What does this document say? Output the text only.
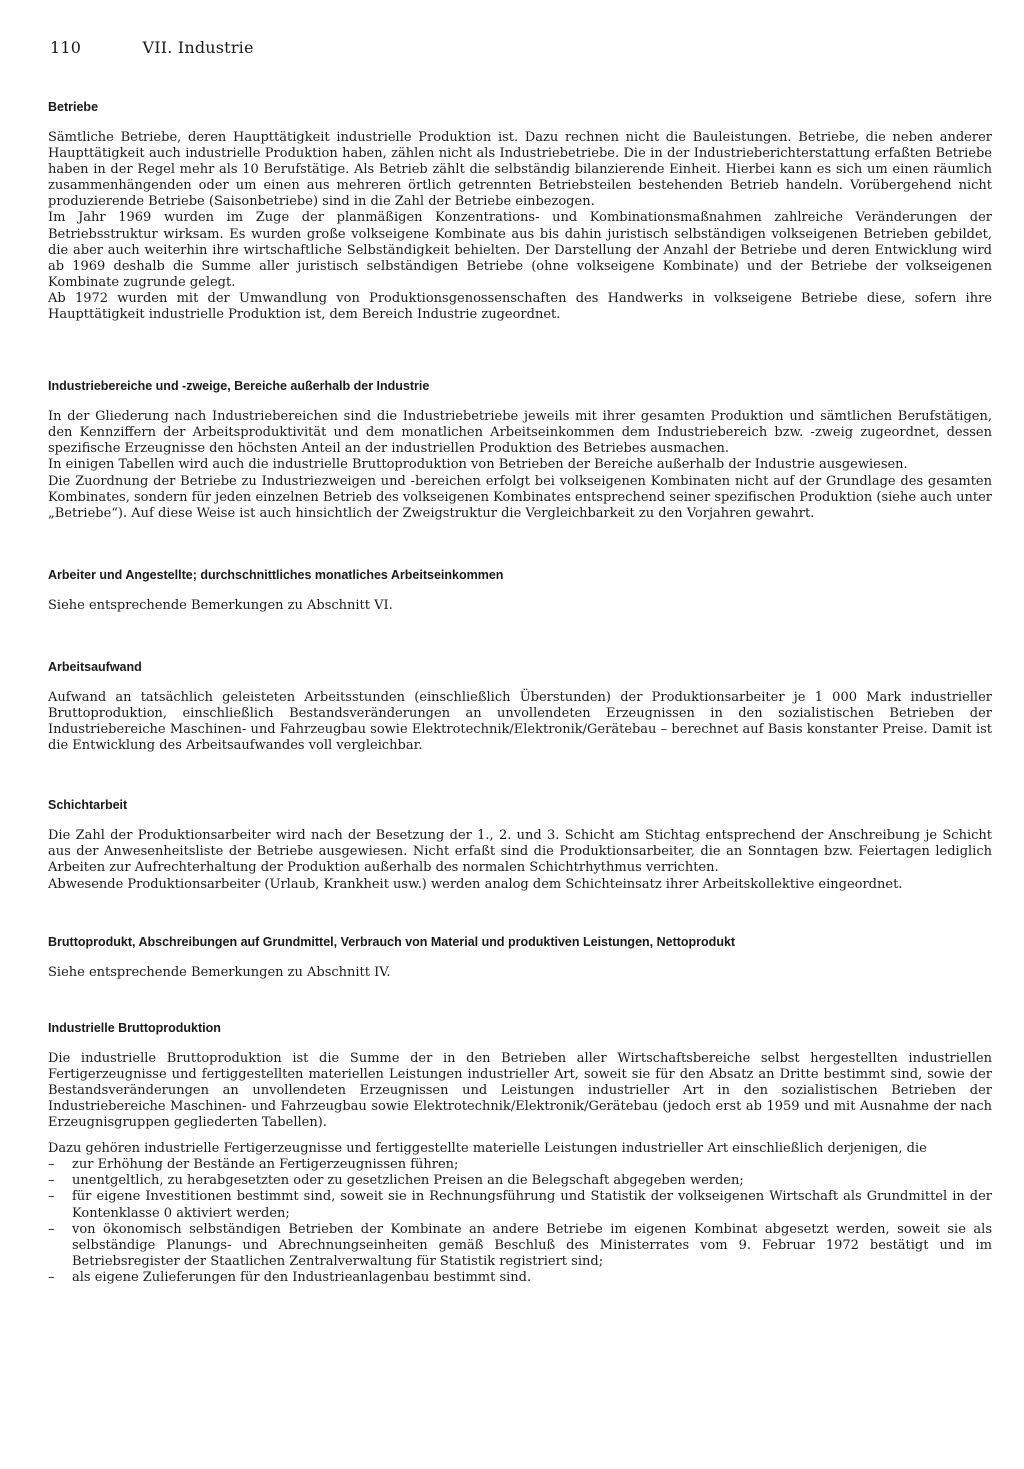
110	VII. Industrie
Betriebe

Sämtliche Betriebe, deren Haupttätigkeit industrielle Produktion ist. Dazu rechnen nicht die Bauleistungen. Betriebe, die neben anderer Haupttätigkeit auch industrielle Produktion haben, zählen nicht als Industriebetriebe. Die in der Industrieberichterstattung erfaßten Betriebe haben in der Regel mehr als 10 Berufstätige. Als Betrieb zählt die selbständig bilanzierende Einheit. Hierbei kann es sich um einen räumlich zusammenhängenden oder um einen aus mehreren örtlich getrennten Betriebsteilen bestehenden Betrieb handeln. Vorübergehend nicht produzierende Betriebe (Saisonbetriebe) sind in die Zahl der Betriebe einbezogen.

Im Jahr 1969 wurden im Zuge der planmäßigen Konzentrations- und Kombinationsmaßnahmen zahlreiche Veränderungen der Betriebsstruktur wirksam. Es wurden große volkseigene Kombinate aus bis dahin juristisch selbständigen volkseigenen Betrieben gebildet, die aber auch weiterhin ihre wirtschaftliche Selbständigkeit behielten. Der Darstellung der Anzahl der Betriebe und deren Entwicklung wird ab 1969 deshalb die Summe aller juristisch selbständigen Betriebe (ohne volkseigene Kombinate) und der Betriebe der volkseigenen Kombinate zugrunde gelegt.

Ab 1972 wurden mit der Umwandlung von Produktionsgenossenschaften des Handwerks in volkseigene Betriebe diese, sofern ihre Haupttätigkeit industrielle Produktion ist, dem Bereich Industrie zugeordnet.

Industriebereiche und -zweige, Bereiche außerhalb der Industrie

In der Gliederung nach Industriebereichen sind die Industriebetriebe jeweils mit ihrer gesamten Produktion und sämtlichen Berufstätigen, den Kennziffern der Arbeitsproduktivität und dem monatlichen Arbeitseinkommen dem Industriebereich bzw. -zweig zugeordnet, dessen spezifische Erzeugnisse den höchsten Anteil an der industriellen Produktion des Betriebes ausmachen.

In einigen Tabellen wird auch die industrielle Bruttoproduktion von Betrieben der Bereiche außerhalb der Industrie ausgewiesen.

Die Zuordnung der Betriebe zu Industriezweigen und -bereichen erfolgt bei volkseigenen Kombinaten nicht auf der Grundlage des gesamten Kombinates, sondern für jeden einzelnen Betrieb des volkseigenen Kombinates entsprechend seiner spezifischen Produktion (siehe auch unter „Betriebe“). Auf diese Weise ist auch hinsichtlich der Zweigstruktur die Vergleichbarkeit zu den Vorjahren gewahrt.

Arbeiter und Angestellte; durchschnittliches monatliches Arbeitseinkommen

Siehe entsprechende Bemerkungen zu Abschnitt VI.

Arbeitsaufwand

Aufwand an tatsächlich geleisteten Arbeitsstunden (einschließlich Überstunden) der Produktionsarbeiter je 1 000 Mark industrieller Bruttoproduktion, einschließlich Bestandsveränderungen an unvollendeten Erzeugnissen in den sozialistischen Betrieben der Industriebereiche Maschinen- und Fahrzeugbau sowie Elektrotechnik/Elektronik/Gerätebau – berechnet auf Basis konstanter Preise. Damit ist die Entwicklung des Arbeitsaufwandes voll vergleichbar.

Schichtarbeit

Die Zahl der Produktionsarbeiter wird nach der Besetzung der 1., 2. und 3. Schicht am Stichtag entsprechend der Anschreibung je Schicht aus der Anwesenheitsliste der Betriebe ausgewiesen. Nicht erfaßt sind die Produktionsarbeiter, die an Sonntagen bzw. Feiertagen lediglich Arbeiten zur Aufrechterhaltung der Produktion außerhalb des normalen Schichtrhythmus verrichten.

Abwesende Produktionsarbeiter (Urlaub, Krankheit usw.) werden analog dem Schichteinsatz ihrer Arbeitskollektive eingeordnet.

Bruttoprodukt, Abschreibungen auf Grundmittel, Verbrauch von Material und produktiven Leistungen, Nettoprodukt

Siehe entsprechende Bemerkungen zu Abschnitt IV.

Industrielle Bruttoproduktion

Die industrielle Bruttoproduktion ist die Summe der in den Betrieben aller Wirtschaftsbereiche selbst hergestellten industriellen Fertigerzeugnisse und fertiggestellten materiellen Leistungen industrieller Art, soweit sie für den Absatz an Dritte bestimmt sind, sowie der Bestandsveränderungen an unvollendeten Erzeugnissen und Leistungen industrieller Art in den sozialistischen Betrieben der Industriebereiche Maschinen- und Fahrzeugbau sowie Elektrotechnik/Elektronik/Gerätebau (jedoch erst ab 1959 und mit Ausnahme der nach Erzeugnisgruppen gegliederten Tabellen).

Dazu gehören industrielle Fertigerzeugnisse und fertiggestellte materielle Leistungen industrieller Art einschließlich derjenigen, die

– zur Erhöhung der Bestände an Fertigerzeugnissen führen;
– unentgeltlich, zu herabgesetzten oder zu gesetzlichen Preisen an die Belegschaft abgegeben werden;
– für eigene Investitionen bestimmt sind, soweit sie in Rechnungsführung und Statistik der volkseigenen Wirtschaft als Grundmittel in der Kontenklasse 0 aktiviert werden;
– von ökonomisch selbständigen Betrieben der Kombinate an andere Betriebe im eigenen Kombinat abgesetzt werden, soweit sie als selbständige Planungs- und Abrechnungseinheiten gemäß Beschluß des Ministerrates vom 9. Februar 1972 bestätigt und im Betriebsregister der Staatlichen Zentralverwaltung für Statistik registriert sind;
– als eigene Zulieferungen für den Industrieanlagenbau bestimmt sind.
